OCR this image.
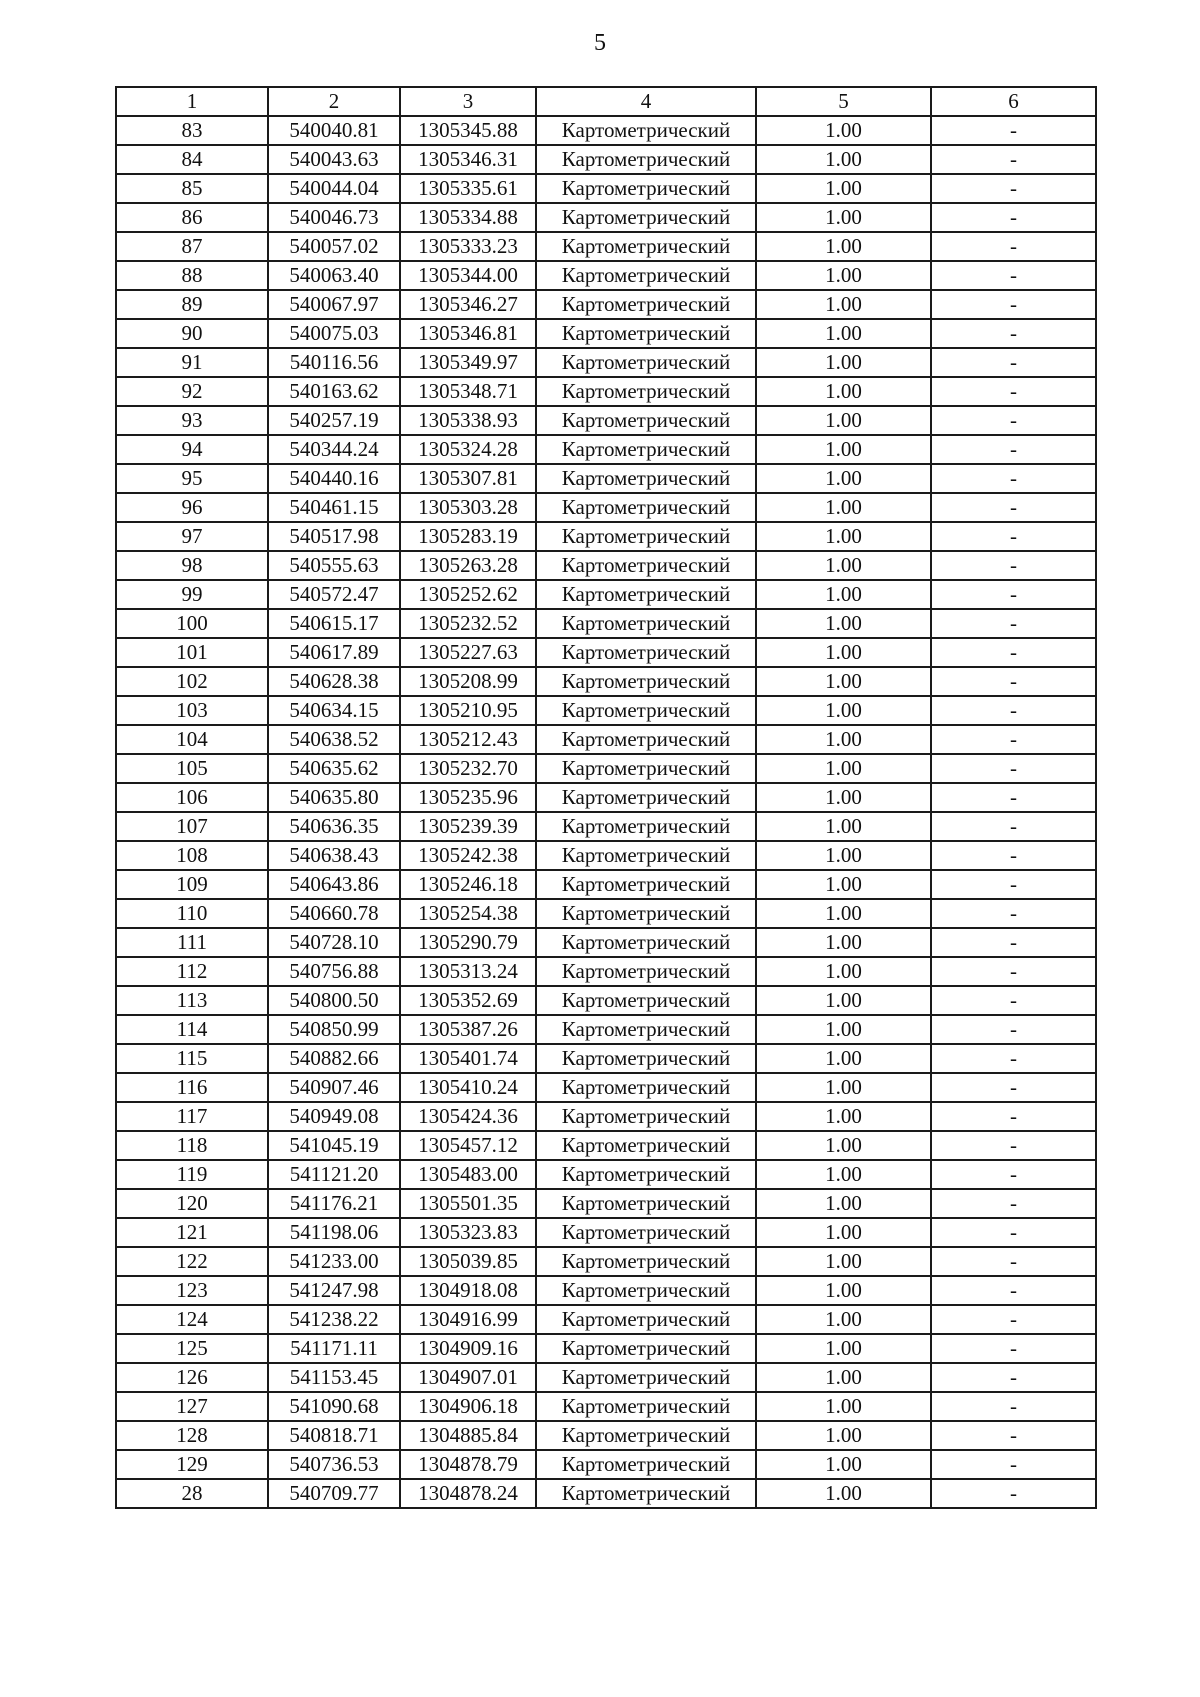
5
1	2	3	4	5	6
83	540040.81	1305345.88	Картометрический	1.00	-
84	540043.63	1305346.31	Картометрический	1.00	-
85	540044.04	1305335.61	Картометрический	1.00	-
86	540046.73	1305334.88	Картометрический	1.00	-
87	540057.02	1305333.23	Картометрический	1.00	-
88	540063.40	1305344.00	Картометрический	1.00	-
89	540067.97	1305346.27	Картометрический	1.00	-
90	540075.03	1305346.81	Картометрический	1.00	-
91	540116.56	1305349.97	Картометрический	1.00	-
92	540163.62	1305348.71	Картометрический	1.00	-
93	540257.19	1305338.93	Картометрический	1.00	-
94	540344.24	1305324.28	Картометрический	1.00	-
95	540440.16	1305307.81	Картометрический	1.00	-
96	540461.15	1305303.28	Картометрический	1.00	-
97	540517.98	1305283.19	Картометрический	1.00	-
98	540555.63	1305263.28	Картометрический	1.00	-
99	540572.47	1305252.62	Картометрический	1.00	-
100	540615.17	1305232.52	Картометрический	1.00	-
101	540617.89	1305227.63	Картометрический	1.00	-
102	540628.38	1305208.99	Картометрический	1.00	-
103	540634.15	1305210.95	Картометрический	1.00	-
104	540638.52	1305212.43	Картометрический	1.00	-
105	540635.62	1305232.70	Картометрический	1.00	-
106	540635.80	1305235.96	Картометрический	1.00	-
107	540636.35	1305239.39	Картометрический	1.00	-
108	540638.43	1305242.38	Картометрический	1.00	-
109	540643.86	1305246.18	Картометрический	1.00	-
110	540660.78	1305254.38	Картометрический	1.00	-
111	540728.10	1305290.79	Картометрический	1.00	-
112	540756.88	1305313.24	Картометрический	1.00	-
113	540800.50	1305352.69	Картометрический	1.00	-
114	540850.99	1305387.26	Картометрический	1.00	-
115	540882.66	1305401.74	Картометрический	1.00	-
116	540907.46	1305410.24	Картометрический	1.00	-
117	540949.08	1305424.36	Картометрический	1.00	-
118	541045.19	1305457.12	Картометрический	1.00	-
119	541121.20	1305483.00	Картометрический	1.00	-
120	541176.21	1305501.35	Картометрический	1.00	-
121	541198.06	1305323.83	Картометрический	1.00	-
122	541233.00	1305039.85	Картометрический	1.00	-
123	541247.98	1304918.08	Картометрический	1.00	-
124	541238.22	1304916.99	Картометрический	1.00	-
125	541171.11	1304909.16	Картометрический	1.00	-
126	541153.45	1304907.01	Картометрический	1.00	-
127	541090.68	1304906.18	Картометрический	1.00	-
128	540818.71	1304885.84	Картометрический	1.00	-
129	540736.53	1304878.79	Картометрический	1.00	-
28	540709.77	1304878.24	Картометрический	1.00	-
